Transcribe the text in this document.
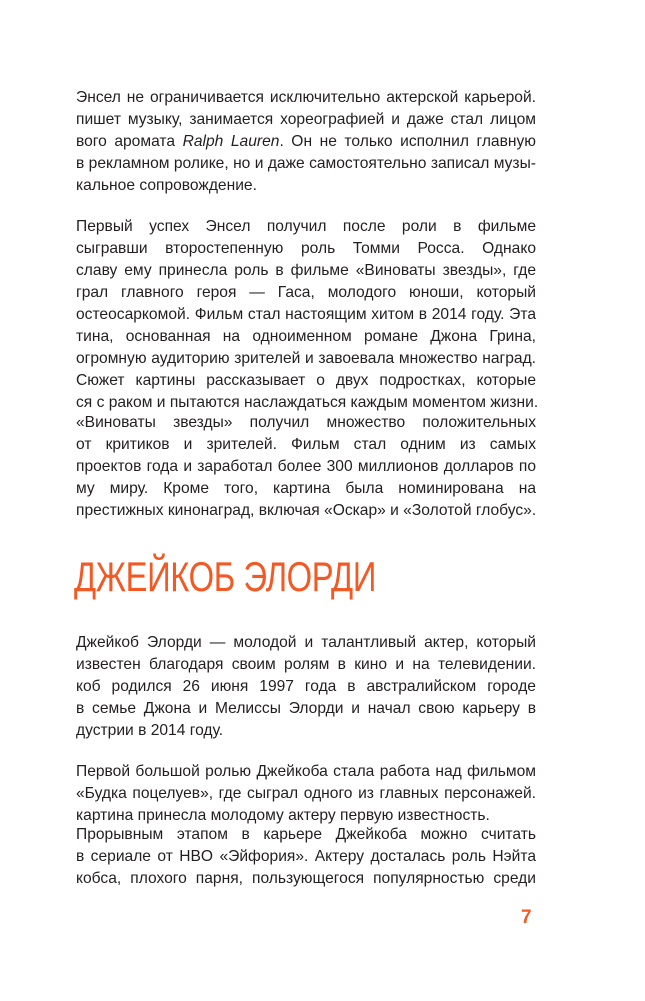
Энсел не ограничивается исключительно актерской карьерой.
пишет музыку, занимается хореографией и даже стал лицом
вого аромата Ralph Lauren. Он не только исполнил главную
в рекламном ролике, но и даже самостоятельно записал музы-
кальное сопровождение.
Первый успех Энсел получил после роли в фильме
сыгравши второстепенную роль Томми Росса. Однако
славу ему принесла роль в фильме «Виноваты звезды», где
грал главного героя — Гаса, молодого юноши, который
остеосаркомой. Фильм стал настоящим хитом в 2014 году. Эта
тина, основанная на одноименном романе Джона Грина,
огромную аудиторию зрителей и завоевала множество наград.
Сюжет картины рассказывает о двух подростках, которые
ся с раком и пытаются наслаждаться каждым моментом жизни.
«Виноваты звезды» получил множество положительных
от критиков и зрителей. Фильм стал одним из самых
проектов года и заработал более 300 миллионов долларов по
му миру. Кроме того, картина была номинирована на
престижных кинонаград, включая «Оскар» и «Золотой глобус».
ДЖЕЙКОБ ЭЛОРДИ
Джейкоб Элорди — молодой и талантливый актер, который
известен благодаря своим ролям в кино и на телевидении.
коб родился 26 июня 1997 года в австралийском городе
в семье Джона и Мелиссы Элорди и начал свою карьеру в
дустрии в 2014 году.
Первой большой ролью Джейкоба стала работа над фильмом
«Будка поцелуев», где сыграл одного из главных персонажей.
картина принесла молодому актеру первую известность.
Прорывным этапом в карьере Джейкоба можно считать
в сериале от HBO «Эйфория». Актеру досталась роль Нэйта
кобса, плохого парня, пользующегося популярностью среди
7
